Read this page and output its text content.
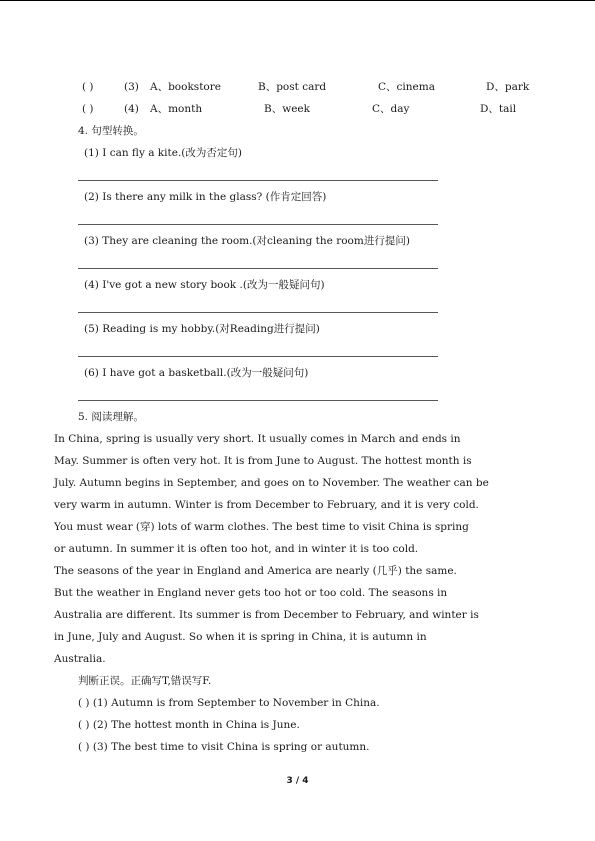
( )	(3) A、bookstore	B、post card	C、cinema	D、park
( )	(4) A、month	B、week	C、day	D、tail
4. 句型转换。
(1) I can fly a kite.(改为否定句)
(2) Is there any milk in the glass? (作肯定回答)
(3) They are cleaning the room.(对cleaning the room进行提问)
(4) I've got a new story book .(改为一般疑问句)
(5) Reading is my hobby.(对Reading进行提问)
(6) I have got a basketball.(改为一般疑问句)
5. 阅读理解。
In China, spring is usually very short. It usually comes in March and ends in
May. Summer is often very hot. It is from June to August. The hottest month is
July. Autumn begins in September, and goes on to November. The weather can be
very warm in autumn. Winter is from December to February, and it is very cold.
You must wear (穿) lots of warm clothes. The best time to visit China is spring
or autumn. In summer it is often too hot, and in winter it is too cold.
The seasons of the year in England and America are nearly (几乎) the same.
But the weather in England never gets too hot or too cold. The seasons in
Australia are different. Its summer is from December to February, and winter is
in June, July and August. So when it is spring in China, it is autumn in
Australia.
判断正误。正确写T,错误写F.
( ) (1) Autumn is from September to November in China.
( ) (2) The hottest month in China is June.
( ) (3) The best time to visit China is spring or autumn.
3 / 4
